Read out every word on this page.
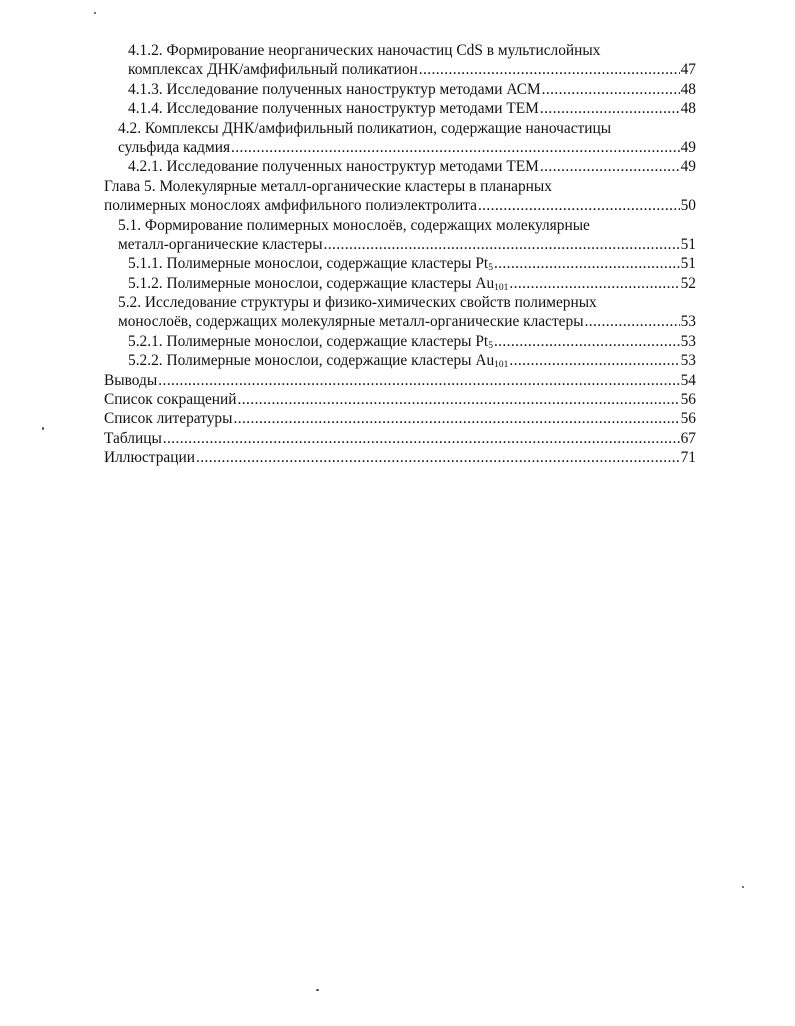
4.1.2. Формирование неорганических наночастиц CdS в мультислойных
комплексах ДНК/амфифильный поликатион .....	47
4.1.3. Исследование полученных наноструктур методами АСМ .....	48
4.1.4. Исследование полученных наноструктур методами ТЕМ .....	48
4.2. Комплексы ДНК/амфифильный поликатион, содержащие наночастицы
сульфида кадмия .....	49
4.2.1. Исследование полученных наноструктур методами ТЕМ .....	49
Глава 5. Молекулярные металл-органические кластеры в планарных
полимерных монослоях амфифильного полиэлектролита .....	50
5.1. Формирование полимерных монослоёв, содержащих молекулярные
металл-органические кластеры .....	51
5.1.1. Полимерные монослои, содержащие кластеры $Pt_5$ .....	51
5.1.2. Полимерные монослои, содержащие кластеры $Au_{101}$ .....	52
5.2. Исследование структуры и физико-химических свойств полимерных
монослоёв, содержащих молекулярные металл-органические кластеры .....	53
5.2.1. Полимерные монослои, содержащие кластеры $Pt_5$ .....	53
5.2.2. Полимерные монослои, содержащие кластеры $Au_{101}$ .....	53
Выводы .....	54
Список сокращений .....	56
Список литературы .....	56
Таблицы .....	67
Иллюстрации .....	71
